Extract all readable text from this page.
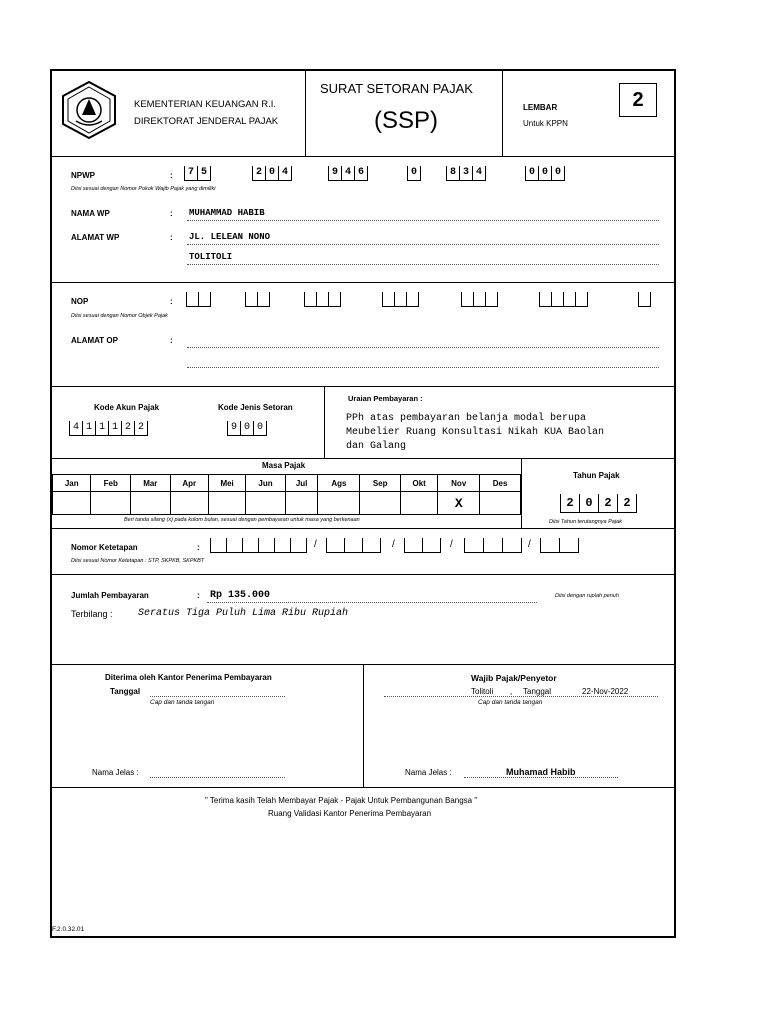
KEMENTERIAN KEUANGAN R.I.
DIREKTORAT JENDERAL PAJAK
SURAT SETORAN PAJAK
(SSP)	LEMBAR
Untuk KPPN
2
NPWP	:	7 5	2 0 4	9 4 6	0	8 3 4	0 0 0
Diisi sesuai dengan Nomor Pokok Wajib Pajak yang dimiliki
NAMA WP	: MUHAMMAD HABIB
ALAMAT WP	: JL. LELEAN NONO
TOLITOLI
NOP	:
Diisi sesuai dengan Nomor Objek Pajak
ALAMAT OP	:
Kode Akun Pajak
4 1 1 1 2 2
Kode Jenis Setoran
9 0 0
Uraian Pembayaran :
PPh atas pembayaran belanja modal berupa
Meubelier Ruang Konsultasi Nikah KUA Baolan
dan Galang
Masa Pajak
Jan	Feb	Mar	Apr	Mei	Jun	Jul	Ags	Sep	Okt	Nov	Des
										X	
Beri tanda silang (x) pada kolom bulan, sesuai dengan pembayaran untuk masa yang berkenaan
Tahun Pajak
2 0 2 2
Diisi Tahun terutangnya Pajak
Nomor Ketetapan	:	/	/	/	/
Diisi sesuai Nomor Ketetapan : STP, SKPKB, SKPKBT
Jumlah Pembayaran	: Rp 135.000	Diisi dengan rupiah penuh
Terbilang :	Seratus Tiga Puluh Lima Ribu Rupiah
Diterima oleh Kantor Penerima Pembayaran
Tanggal
Cap dan tanda tangan
Nama Jelas :
Wajib Pajak/Penyetor
Tolitoli , Tanggal	22-Nov-2022
Cap dan tanda tangan
Nama Jelas :	Muhamad Habib
" Terima kasih Telah Membayar Pajak - Pajak Untuk Pembangunan Bangsa "
Ruang Validasi Kantor Penerima Pembayaran
F.2.0.32.01
